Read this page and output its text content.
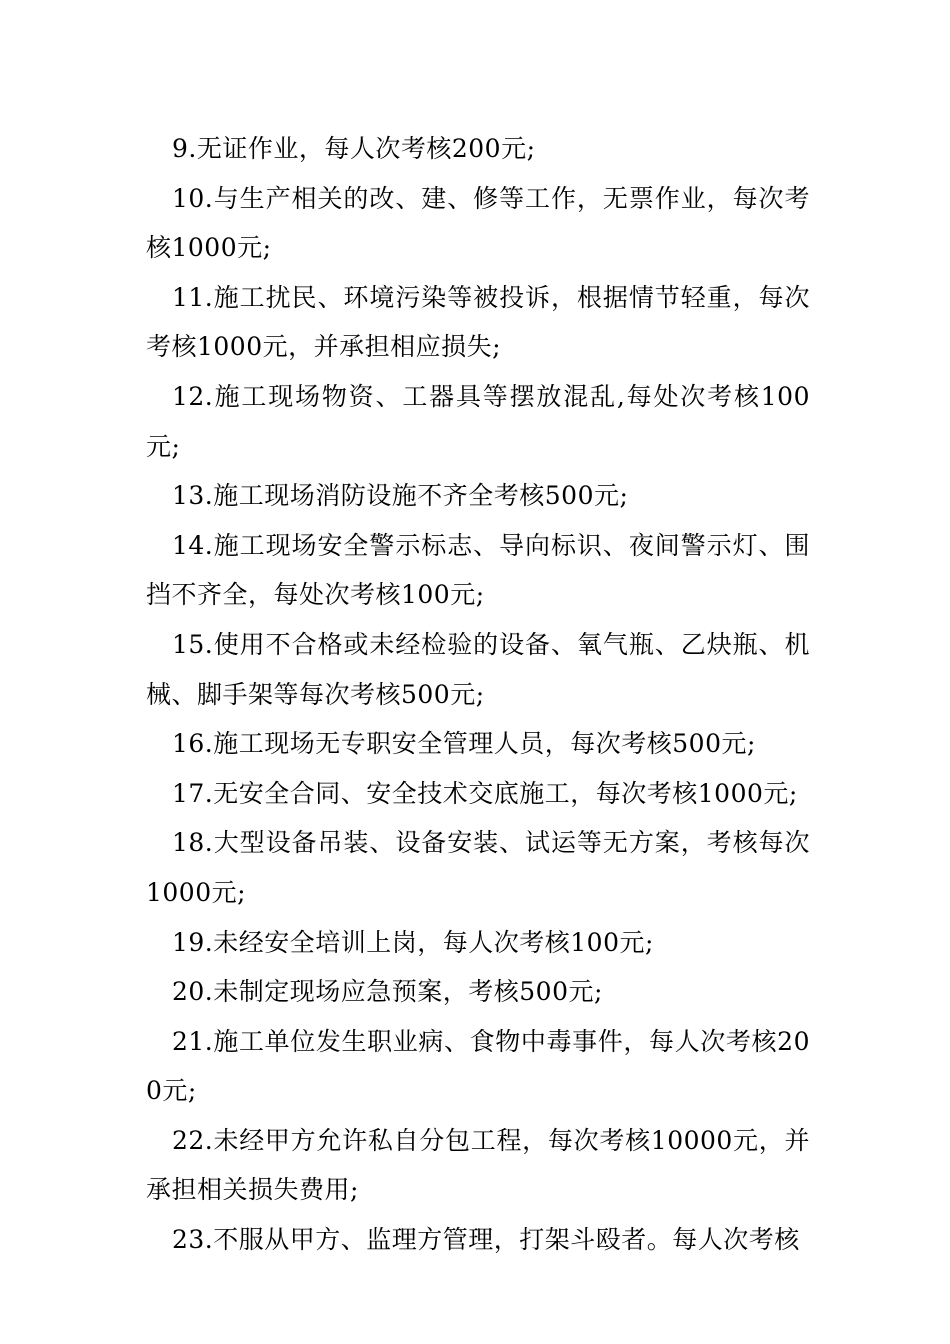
9.无证作业，每人次考核200元;

10.与生产相关的改、建、修等工作，无票作业，每次考核1000元;

11.施工扰民、环境污染等被投诉，根据情节轻重，每次考核1000元，并承担相应损失;

12.施工现场物资、工器具等摆放混乱,每处次考核100元;

13.施工现场消防设施不齐全考核500元;

14.施工现场安全警示标志、导向标识、夜间警示灯、围挡不齐全，每处次考核100元;

15.使用不合格或未经检验的设备、氧气瓶、乙炔瓶、机械、脚手架等每次考核500元;

16.施工现场无专职安全管理人员，每次考核500元;

17.无安全合同、安全技术交底施工，每次考核1000元;

18.大型设备吊装、设备安装、试运等无方案，考核每次1000元;

19.未经安全培训上岗，每人次考核100元;

20.未制定现场应急预案，考核500元;

21.施工单位发生职业病、食物中毒事件，每人次考核200元;

22.未经甲方允许私自分包工程，每次考核10000元，并承担相关损失费用;

23.不服从甲方、监理方管理，打架斗殴者。每人次考核
